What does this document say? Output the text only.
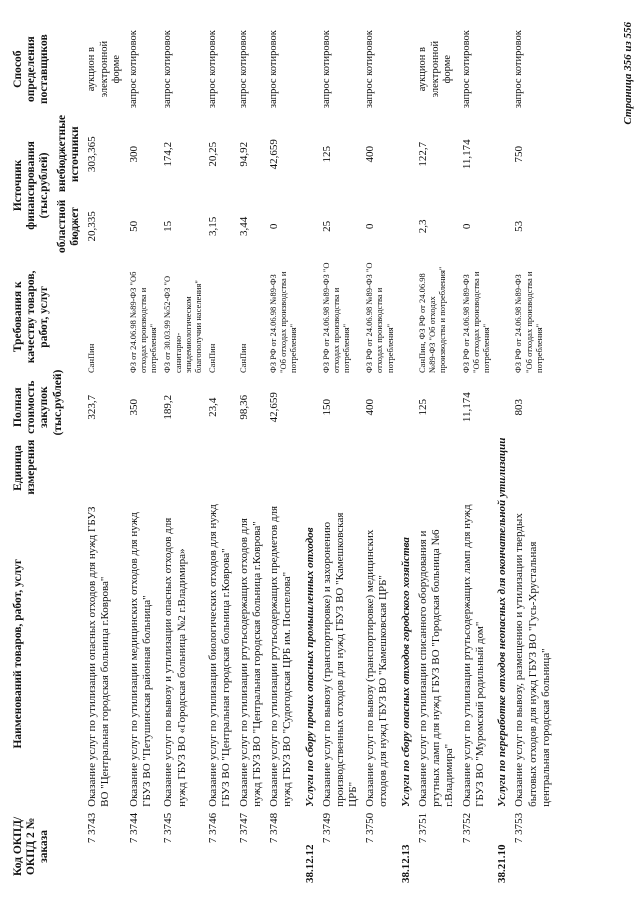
Код ОКПД/ ОКПД 2 № заказа	Наименований товаров, работ, услуг	Единица измерения	Полная стоимость закупок (тыс.рублей)	Требования к качеству товаров, работ, услуг	Источник финансирования (тыс.рублей)		Способ определения поставщиков
					областной бюджет	внебюджетные источники	
7 3743	Оказание услуг по утилизации опасных отходов для нужд ГБУЗ ВО "Центральная городская больница г.Коврова"		323,7	СанПин	20,335	303,365	аукцион в электронной форме
7 3744	Оказание услуг по утилизации медицинских отходов для нужд ГБУЗ ВО "Петушинская районная больница"		350	ФЗ от 24.06.98 №89-ФЗ "Об отходах производства и потребления"	50	300	запрос котировок
7 3745	Оказание услуг по вывозу и утилизации опасных отходов для нужд ГБУЗ ВО «Городская больница №2 г.Владимира»		189,2	ФЗ от 30.03.99 №52-ФЗ "О санитарно-эпидемиологическом благополучии населения"	15	174,2	запрос котировок
7 3746	Оказание услуг по утилизации биологических отходов для нужд ГБУЗ ВО "Центральная городская больница г.Коврова"		23,4	СанПин	3,15	20,25	запрос котировок
7 3747	Оказание услуг по утилизации ртутьсодержащих отходов для нужд ГБУЗ ВО "Центральная городская больница г.Коврова"		98,36	СанПин	3,44	94,92	запрос котировок
7 3748	Оказание услуг по утилизации ртутьсодержащих предметов для нужд ГБУЗ ВО "Судогодская ЦРБ им. Поспелова"		42,659	ФЗ РФ от 24.06.98 №89-ФЗ "Об отходах производства и потребления"	0	42,659	запрос котировок
38.12.12	Услуги по сбору прочих опасных промышленных отходов						
7 3749	Оказание услуг по вывозу (транспортировке) и захоронению производственных отходов для нужд ГБУЗ ВО "Камешковская ЦРБ"		150	ФЗ РФ от 24.06.98 №89-ФЗ "О отходах производства и потребления"	25	125	запрос котировок
7 3750	Оказание услуг по вывозу (транспортировке) медицинских отходов для нужд ГБУЗ ВО "Камешковская ЦРБ"		400	ФЗ РФ от 24.06.98 №89-ФЗ "О отходах производства и потребления"	0	400	запрос котировок
38.12.13	Услуги по сбору опасных отходов городского хозяйства						
7 3751	Оказание услуг по утилизации списанного оборудования и ртутных ламп для нужд ГБУЗ ВО "Городская больница №6 г.Владимира"		125	СанПин, ФЗ РФ от 24.06.98 №89-ФЗ "Об отходах производства и потребления"	2,3	122,7	аукцион в электронной форме
7 3752	Оказание услуг по утилизации ртутьсодержащих ламп для нужд ГБУЗ ВО "Муромский родильный дом"		11,174	ФЗ РФ от 24.06.98 №89-ФЗ "Об отходах производства и потребления"	0	11,174	запрос котировок
38.21.10	Услуги по переработке отходов неопасных для окончательной утилизации						
7 3753	Оказание услуг по вывозу, размещению и утилизации твердых бытовых отходов для нужд ГБУЗ ВО "Гусь-Хрустальная центральная городская больница"		803	ФЗ РФ от 24.06.98 №89-ФЗ "Об отходах производства и потребления"	53	750	запрос котировок	Страница 356 из 556
